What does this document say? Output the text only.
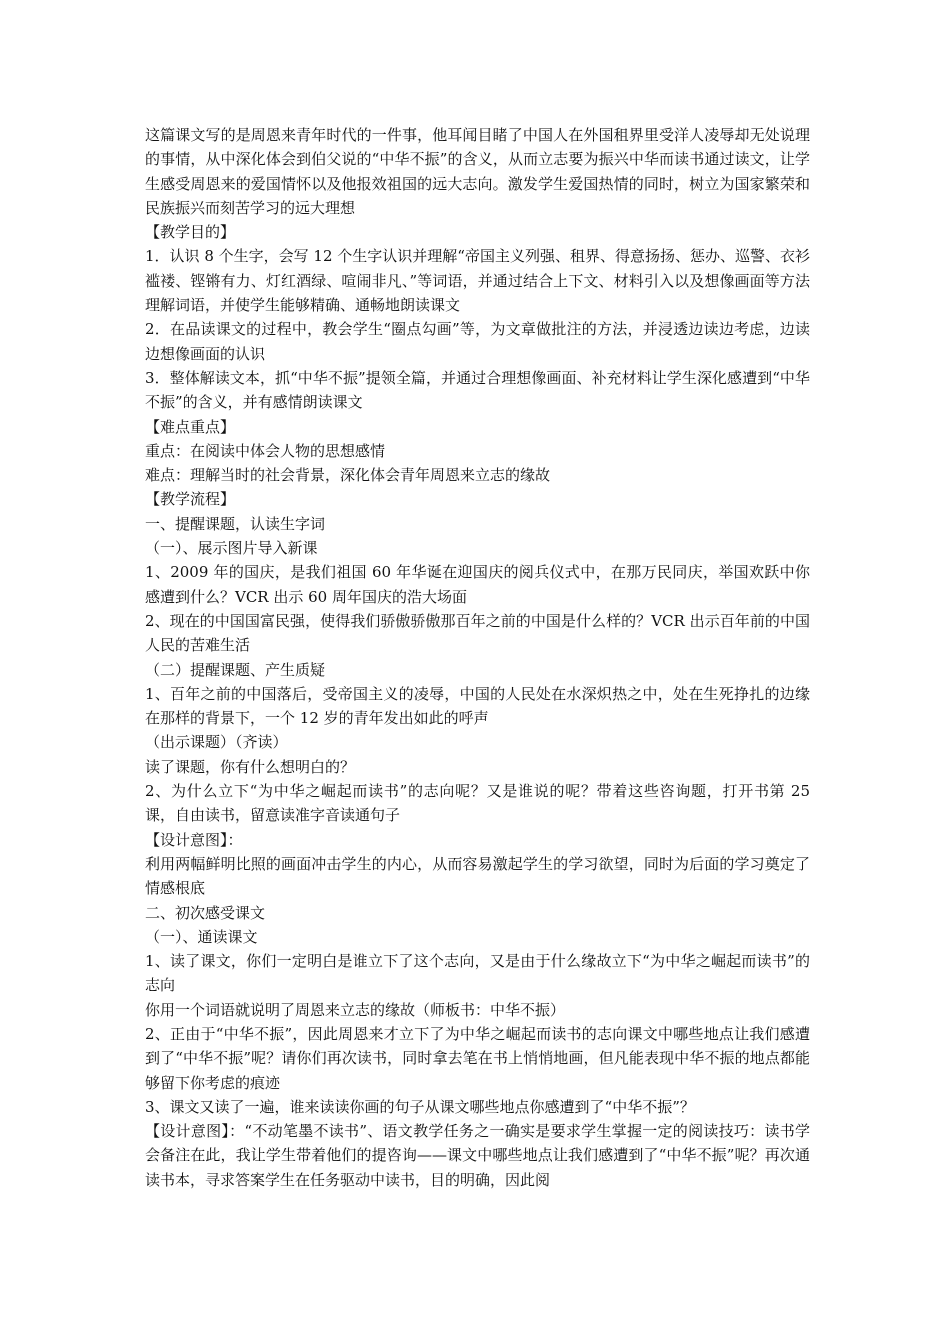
这篇课文写的是周恩来青年时代的一件事，他耳闻目睹了中国人在外国租界里受洋人凌辱却无处说理的事情，从中深化体会到伯父说的“中华不振”的含义，从而立志要为振兴中华而读书通过读文，让学生感受周恩来的爱国情怀以及他报效祖国的远大志向。激发学生爱国热情的同时，树立为国家繁荣和民族振兴而刻苦学习的远大理想

【教学目的】

1．认识 8 个生字，会写 12 个生字认识并理解“帝国主义列强、租界、得意扬扬、惩办、巡警、衣衫褴褛、铿锵有力、灯红酒绿、喧闹非凡、”等词语，并通过结合上下文、材料引入以及想像画面等方法理解词语，并使学生能够精确、通畅地朗读课文

2．在品读课文的过程中，教会学生“圈点勾画”等，为文章做批注的方法，并浸透边读边考虑，边读边想像画面的认识

3．整体解读文本，抓“中华不振”提领全篇，并通过合理想像画面、补充材料让学生深化感遭到“中华不振”的含义，并有感情朗读课文

【难点重点】

重点：在阅读中体会人物的思想感情

难点：理解当时的社会背景，深化体会青年周恩来立志的缘故

【教学流程】

一、提醒课题，认读生字词

（一）、展示图片导入新课

1、2009 年的国庆，是我们祖国 60 年华诞在迎国庆的阅兵仪式中，在那万民同庆，举国欢跃中你感遭到什么？VCR 出示 60 周年国庆的浩大场面

2、现在的中国国富民强，使得我们骄傲骄傲那百年之前的中国是什么样的？VCR 出示百年前的中国人民的苦难生活

（二）提醒课题、产生质疑

1、百年之前的中国落后，受帝国主义的凌辱，中国的人民处在水深炽热之中，处在生死挣扎的边缘在那样的背景下，一个 12 岁的青年发出如此的呼声

（出示课题）（齐读）

读了课题，你有什么想明白的？

2、为什么立下“为中华之崛起而读书”的志向呢？又是谁说的呢？带着这些咨询题，打开书第 25 课，自由读书，留意读准字音读通句子

【设计意图】：

利用两幅鲜明比照的画面冲击学生的内心，从而容易激起学生的学习欲望，同时为后面的学习奠定了情感根底

二、初次感受课文

（一）、通读课文

1、读了课文，你们一定明白是谁立下了这个志向，又是由于什么缘故立下“为中华之崛起而读书”的志向

你用一个词语就说明了周恩来立志的缘故（师板书：中华不振）

2、正由于“中华不振”，因此周恩来才立下了为中华之崛起而读书的志向课文中哪些地点让我们感遭到了“中华不振”呢？请你们再次读书，同时拿去笔在书上悄悄地画，但凡能表现中华不振的地点都能够留下你考虑的痕迹

3、课文又读了一遍，谁来读读你画的句子从课文哪些地点你感遭到了“中华不振”？

【设计意图】：“不动笔墨不读书”、语文教学任务之一确实是要求学生掌握一定的阅读技巧：读书学会备注在此，我让学生带着他们的提咨询——课文中哪些地点让我们感遭到了“中华不振”呢？再次通读书本，寻求答案学生在任务驱动中读书，目的明确，因此阅
